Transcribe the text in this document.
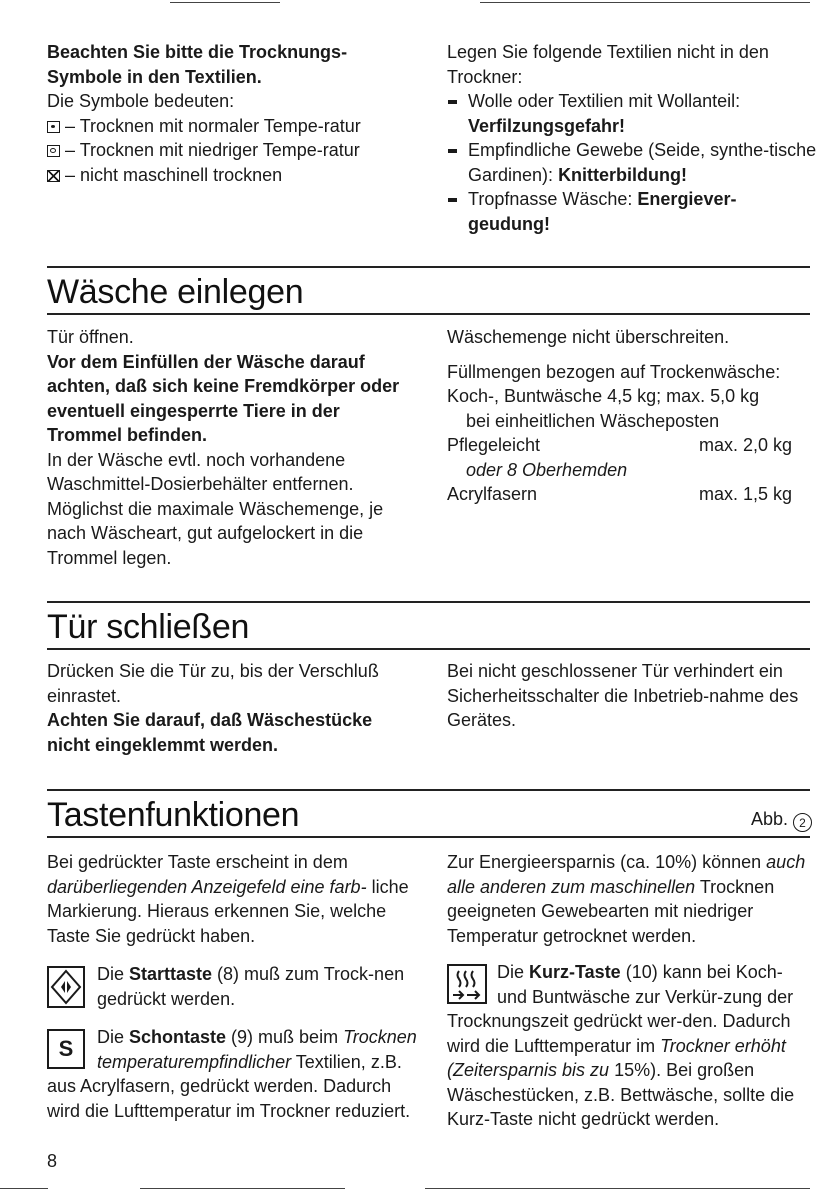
Beachten Sie bitte die Trocknungs-Symbole in den Textilien.

Die Symbole bedeuten:

– Trocknen mit normaler Tempe-ratur

– Trocknen mit niedriger Tempe-ratur

– nicht maschinell trocknen

Legen Sie folgende Textilien nicht in den Trockner:

Wolle oder Textilien mit Wollanteil: Verfilzungsgefahr!

Empfindliche Gewebe (Seide, synthe-tische Gardinen): Knitterbildung!

Tropfnasse Wäsche: Energiever-geudung!

Wäsche einlegen

Tür öffnen.

Vor dem Einfüllen der Wäsche darauf achten, daß sich keine Fremdkörper oder eventuell eingesperrte Tiere in der Trommel befinden.

In der Wäsche evtl. noch vorhandene Waschmittel-Dosierbehälter entfernen.

Möglichst die maximale Wäschemenge, je nach Wäscheart, gut aufgelockert in die Trommel legen.

Wäschemenge nicht überschreiten.

Füllmengen bezogen auf Trockenwäsche:

Koch-, Buntwäsche 4,5 kg; max. 5,0 kg
bei einheitlichen Wäscheposten
Pflegeleicht	max. 2,0 kg
oder 8 Oberhemden
Acrylfasern	max. 1,5 kg
Tür schließen

Drücken Sie die Tür zu, bis der Verschluß einrastet.

Achten Sie darauf, daß Wäschestücke nicht eingeklemmt werden.

Bei nicht geschlossener Tür verhindert ein Sicherheitsschalter die Inbetrieb-nahme des Gerätes.

Tastenfunktionen	Abb. 2

Bei gedrückter Taste erscheint in dem darüberliegenden Anzeigefeld eine farb- liche Markierung. Hieraus erkennen Sie, welche Taste Sie gedrückt haben.

Die Starttaste (8) muß zum Trock-nen gedrückt werden.

S	Die Schontaste (9) muß beim Trocknen temperaturempfindlicher Textilien, z.B. aus Acrylfasern, gedrückt werden. Dadurch wird die Lufttemperatur im Trockner reduziert.

Zur Energieersparnis (ca. 10%) können auch alle anderen zum maschinellen Trocknen geeigneten Gewebearten mit niedriger Temperatur getrocknet werden.

Die Kurz-Taste (10) kann bei Koch- und Buntwäsche zur Verkür-zung der Trocknungszeit gedrückt wer-den. Dadurch wird die Lufttemperatur im Trockner erhöht (Zeitersparnis bis zu 15%). Bei großen Wäschestücken, z.B. Bettwäsche, sollte die Kurz-Taste nicht gedrückt werden.

8
